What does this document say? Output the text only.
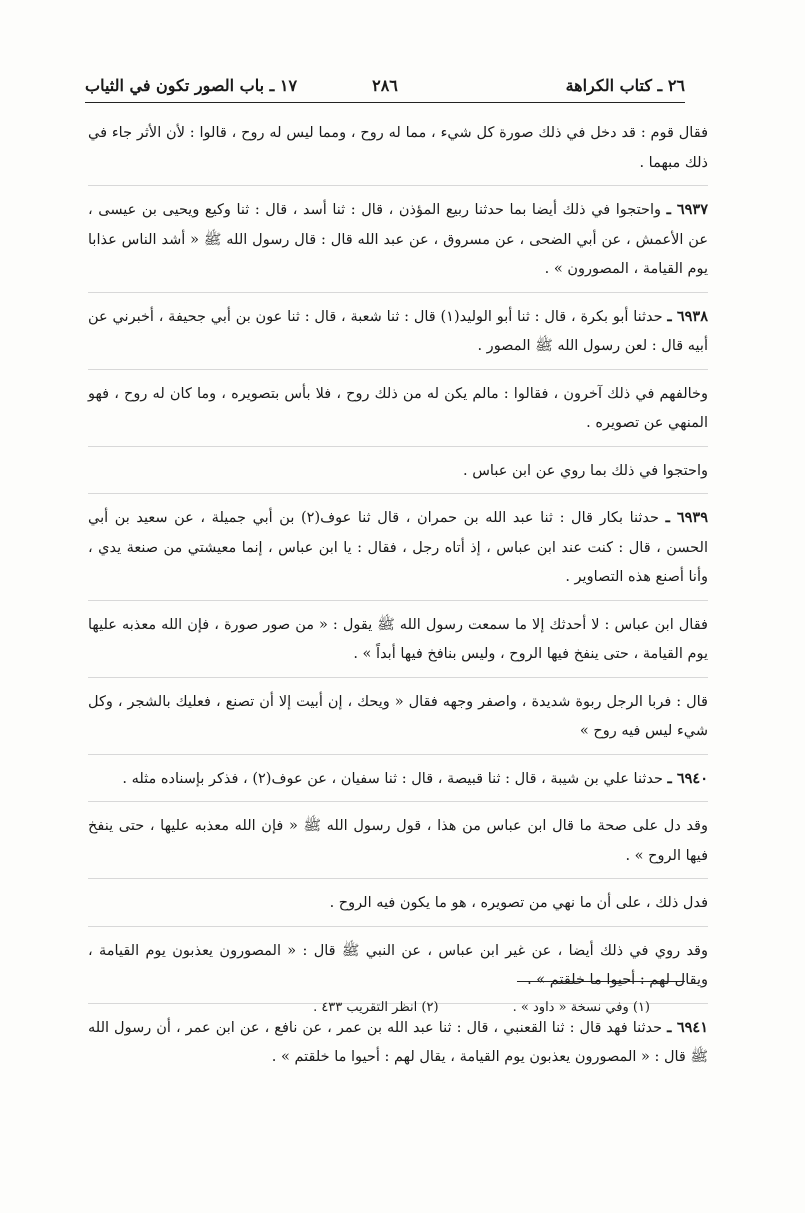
٢٦ ـ كتاب الكراهة
٢٨٦
١٧ ـ باب الصور تكون في الثياب

فقال قوم : قد دخل في ذلك صورة كل شيء ، مما له روح ، ومما ليس له روح ، قالوا : لأن الأثر جاء في ذلك مبهما .

٦٩٣٧ ـ واحتجوا في ذلك أيضا بما حدثنا ربيع المؤذن ، قال : ثنا أسد ، قال : ثنا وكيع ويحيى بن عيسى ، عن الأعمش ، عن أبي الضحى ، عن مسروق ، عن عبد الله قال : قال رسول الله ﷺ « أشد الناس عذابا يوم القيامة ، المصورون » .

٦٩٣٨ ـ حدثنا أبو بكرة ، قال : ثنا أبو الوليد(١) قال : ثنا شعبة ، قال : ثنا عون بن أبي جحيفة ، أخبرني عن أبيه قال : لعن رسول الله ﷺ المصور .

وخالفهم في ذلك آخرون ، فقالوا : مالم يكن له من ذلك روح ، فلا بأس بتصويره ، وما كان له روح ، فهو المنهي عن تصويره .

واحتجوا في ذلك بما روي عن ابن عباس .

٦٩٣٩ ـ حدثنا بكار قال : ثنا عبد الله بن حمران ، قال ثنا عوف(٢) بن أبي جميلة ، عن سعيد بن أبي الحسن ، قال : كنت عند ابن عباس ، إذ أتاه رجل ، فقال : يا ابن عباس ، إنما معيشتي من صنعة يدي ، وأنا أصنع هذه التصاوير .

فقال ابن عباس : لا أحدثك إلا ما سمعت رسول الله ﷺ يقول : « من صور صورة ، فإن الله معذبه عليها يوم القيامة ، حتى ينفخ فيها الروح ، وليس بنافخ فيها أبداً » .

قال : فربا الرجل ربوة شديدة ، واصفر وجهه فقال « ويحك ، إن أبيت إلا أن تصنع ، فعليك بالشجر ، وكل شيء ليس فيه روح »

٦٩٤٠ ـ حدثنا علي بن شيبة ، قال : ثنا قبيصة ، قال : ثنا سفيان ، عن عوف(٢) ، فذكر بإسناده مثله .

وقد دل على صحة ما قال ابن عباس من هذا ، قول رسول الله ﷺ « فإن الله معذبه عليها ، حتى ينفخ فيها الروح » .

فدل ذلك ، على أن ما نهي من تصويره ، هو ما يكون فيه الروح .

وقد روي في ذلك أيضا ، عن غير ابن عباس ، عن النبي ﷺ قال : « المصورون يعذبون يوم القيامة ، ويقال لهم : أحيوا ما خلقتم » .

٦٩٤١ ـ حدثنا فهد قال : ثنا القعنبي ، قال : ثنا عبد الله بن عمر ، عن نافع ، عن ابن عمر ، أن رسول الله ﷺ قال : « المصورون يعذبون يوم القيامة ، يقال لهم : أحيوا ما خلقتم » .

(١) وفي نسخة « داود » . (٢) انظر التقريب ٤٣٣ .
